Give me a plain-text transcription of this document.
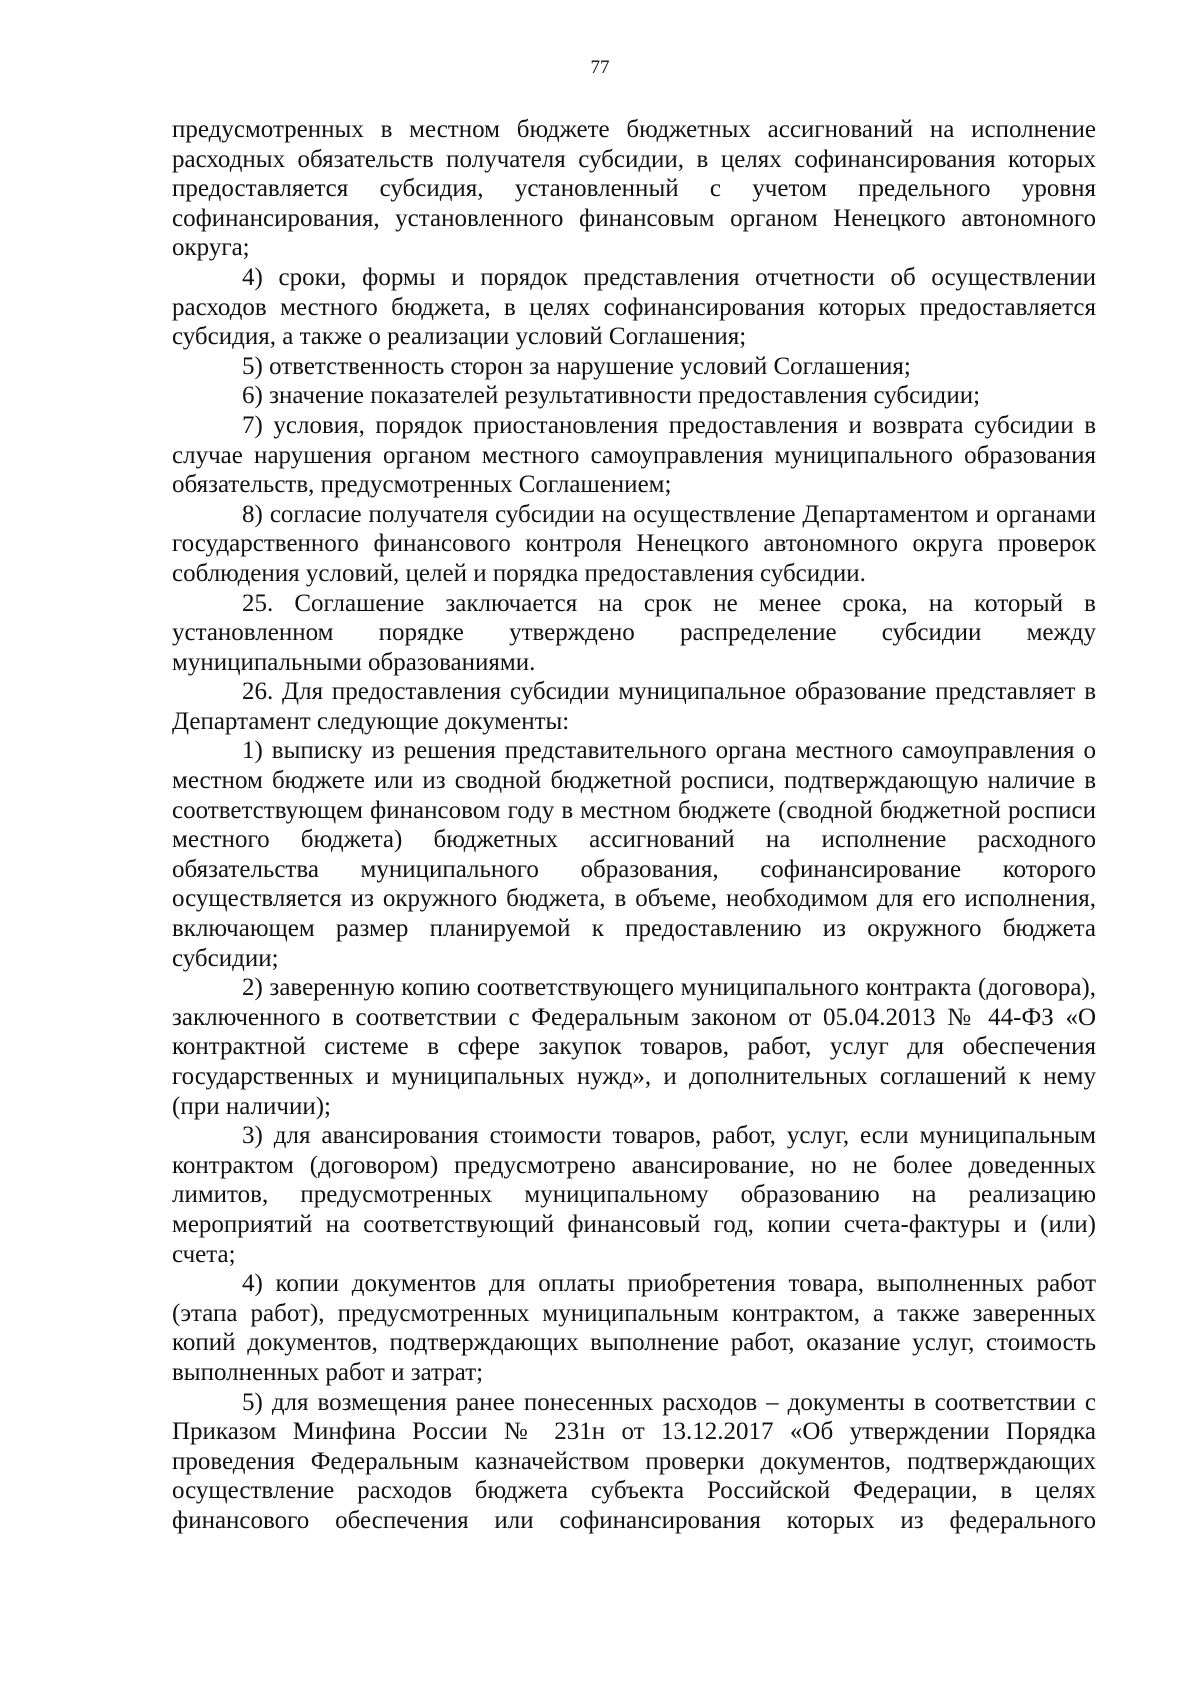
77

предусмотренных в местном бюджете бюджетных ассигнований на исполнение расходных обязательств получателя субсидии, в целях софинансирования которых предоставляется субсидия, установленный с учетом предельного уровня софинансирования, установленного финансовым органом Ненецкого автономного округа;

4) сроки, формы и порядок представления отчетности об осуществлении расходов местного бюджета, в целях софинансирования которых предоставляется субсидия, а также о реализации условий Соглашения;

5) ответственность сторон за нарушение условий Соглашения;

6) значение показателей результативности предоставления субсидии;

7) условия, порядок приостановления предоставления и возврата субсидии в случае нарушения органом местного самоуправления муниципального образования обязательств, предусмотренных Соглашением;

8) согласие получателя субсидии на осуществление Департаментом и органами государственного финансового контроля Ненецкого автономного округа проверок соблюдения условий, целей и порядка предоставления субсидии.

25. Соглашение заключается на срок не менее срока, на который в установленном порядке утверждено распределение субсидии между муниципальными образованиями.

26. Для предоставления субсидии муниципальное образование представляет в Департамент следующие документы:

1) выписку из решения представительного органа местного самоуправления о местном бюджете или из сводной бюджетной росписи, подтверждающую наличие в соответствующем финансовом году в местном бюджете (сводной бюджетной росписи местного бюджета) бюджетных ассигнований на исполнение расходного обязательства муниципального образования, софинансирование которого осуществляется из окружного бюджета, в объеме, необходимом для его исполнения, включающем размер планируемой к предоставлению из окружного бюджета субсидии;

2) заверенную копию соответствующего муниципального контракта (договора), заключенного в соответствии с Федеральным законом от 05.04.2013 № 44-ФЗ «О контрактной системе в сфере закупок товаров, работ, услуг для обеспечения государственных и муниципальных нужд», и дополнительных соглашений к нему (при наличии);

3) для авансирования стоимости товаров, работ, услуг, если муниципальным контрактом (договором) предусмотрено авансирование, но не более доведенных лимитов, предусмотренных муниципальному образованию на реализацию мероприятий на соответствующий финансовый год, копии счета-фактуры и (или) счета;

4) копии документов для оплаты приобретения товара, выполненных работ (этапа работ), предусмотренных муниципальным контрактом, а также заверенных копий документов, подтверждающих выполнение работ, оказание услуг, стоимость выполненных работ и затрат;

5) для возмещения ранее понесенных расходов – документы в соответствии с Приказом Минфина России № 231н от 13.12.2017 «Об утверждении Порядка проведения Федеральным казначейством проверки документов, подтверждающих осуществление расходов бюджета субъекта Российской Федерации, в целях финансового обеспечения или софинансирования которых из федерального
